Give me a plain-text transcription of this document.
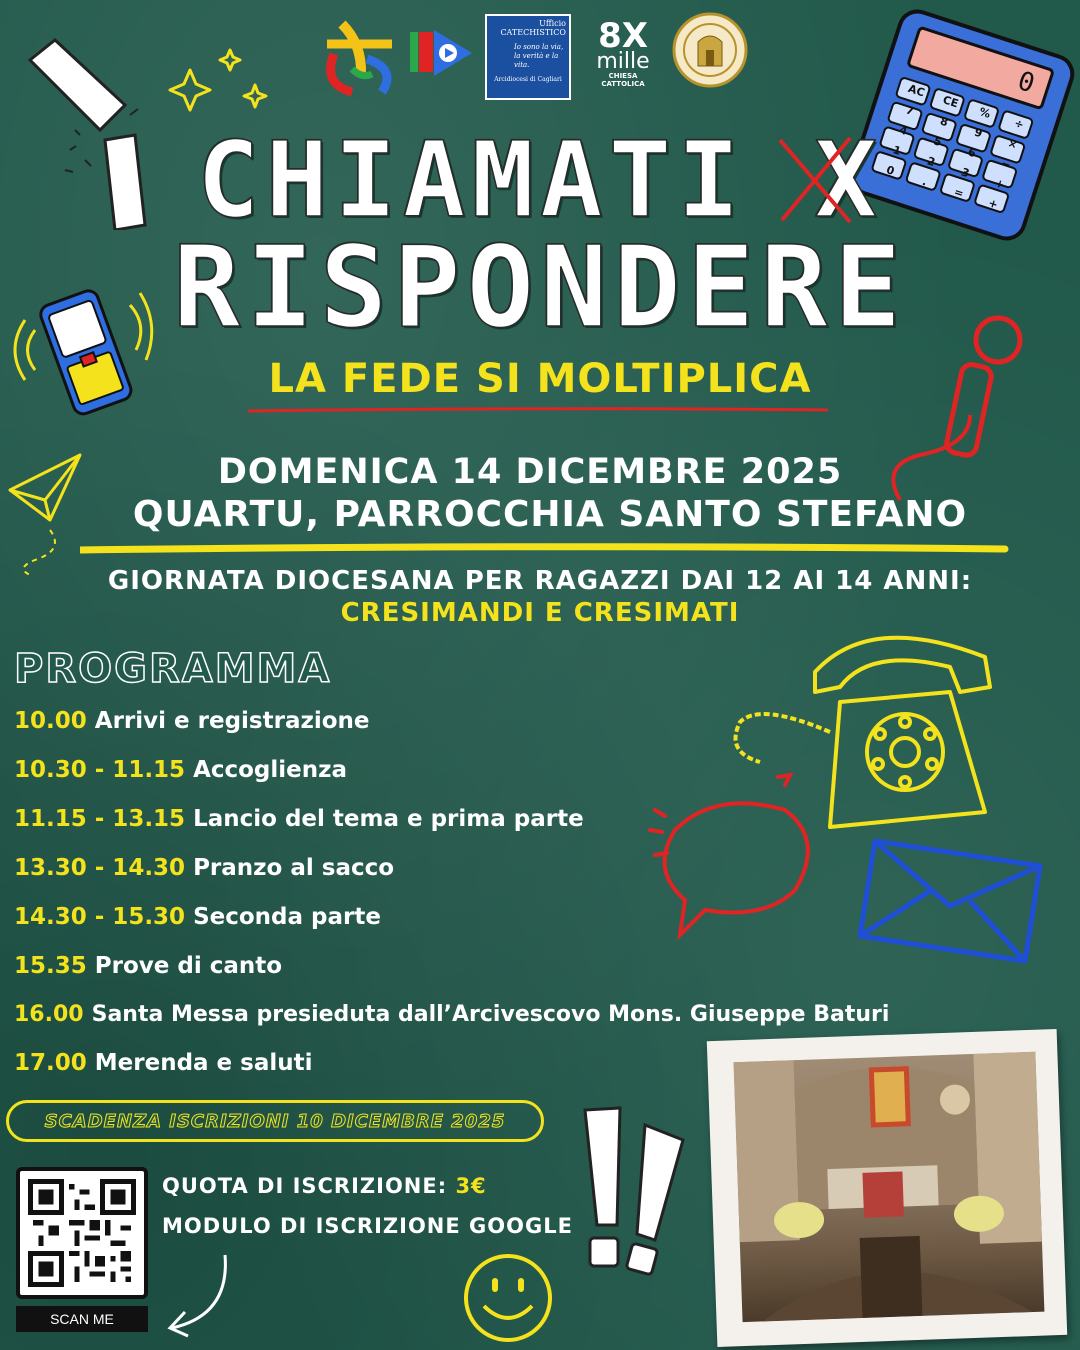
Ufficio
CATECHISTICO
Io sono la via, la verità e la vita.
Arcidiocesi di Cagliari
8X
mille
CHIESA CATTOLICA	0
AC
CE
%
÷
7
8
9
×
4
5
6
−
1
2
3
+
0
.
=
+
CHIAMATI X
RISPONDERE
LA FEDE SI MOLTIPLICA
DOMENICA 14 DICEMBRE 2025
QUARTU, PARROCCHIA SANTO STEFANO
GIORNATA DIOCESANA PER RAGAZZI DAI 12 AI 14 ANNI:
CRESIMANDI E CRESIMATI
PROGRAMMA
10.00 Arrivi e registrazione
10.30 - 11.15 Accoglienza
11.15 - 13.15 Lancio del tema e prima parte
13.30 - 14.30 Pranzo al sacco
14.30 - 15.30 Seconda parte
15.35 Prove di canto
16.00 Santa Messa presieduta dall’Arcivescovo Mons. Giuseppe Baturi
17.00 Merenda e saluti
SCADENZA ISCRIZIONI 10 DICEMBRE 2025
SCAN ME
QUOTA DI ISCRIZIONE: 3€
MODULO DI ISCRIZIONE GOOGLE
